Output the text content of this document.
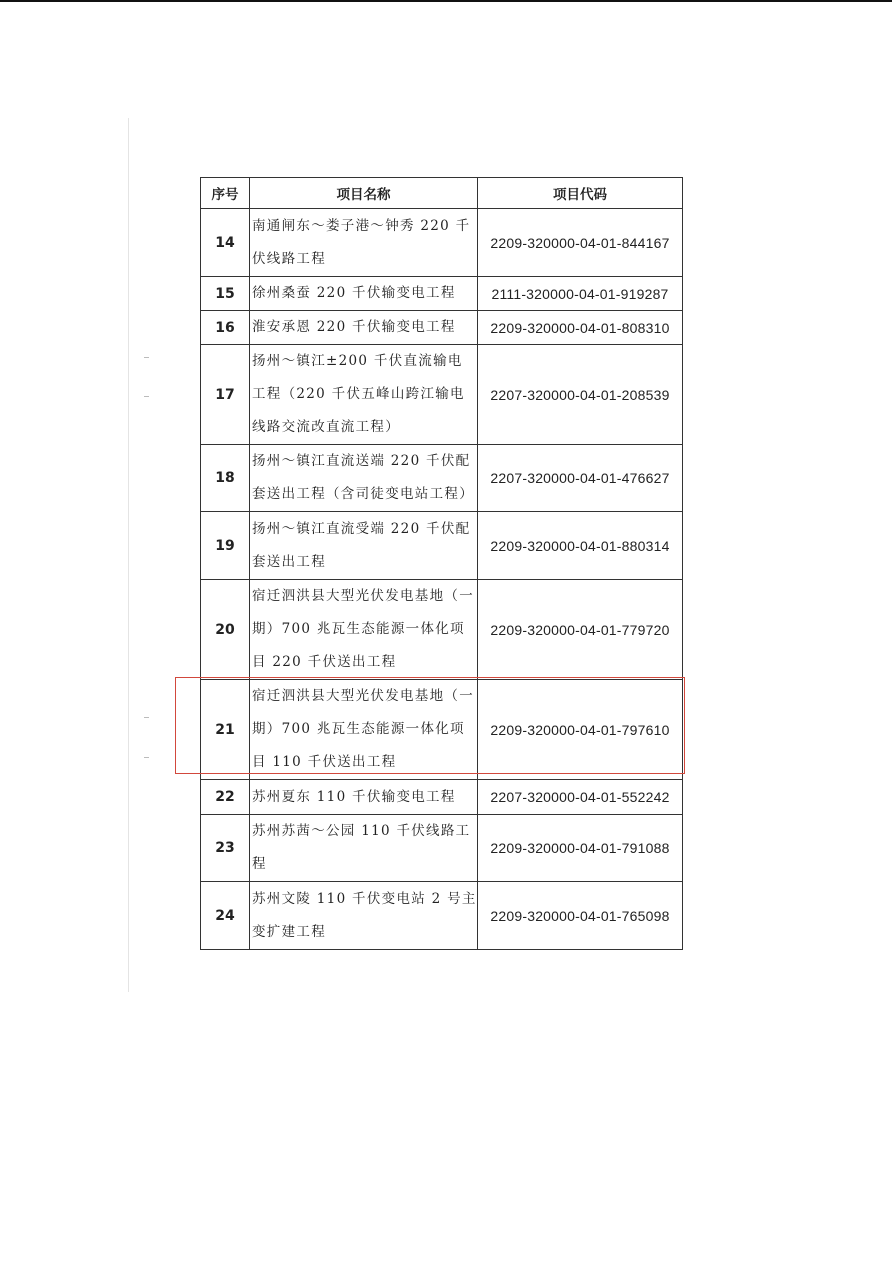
序号	项目名称	项目代码
14	南通闸东～娄子港～钟秀 220 千伏线路工程	2209-320000-04-01-844167
15	徐州桑蚕 220 千伏输变电工程	2111-320000-04-01-919287
16	淮安承恩 220 千伏输变电工程	2209-320000-04-01-808310
17	扬州～镇江±200 千伏直流输电工程（220 千伏五峰山跨江输电线路交流改直流工程）	2207-320000-04-01-208539
18	扬州～镇江直流送端 220 千伏配套送出工程（含司徒变电站工程）	2207-320000-04-01-476627
19	扬州～镇江直流受端 220 千伏配套送出工程	2209-320000-04-01-880314
20	宿迁泗洪县大型光伏发电基地（一期）700 兆瓦生态能源一体化项目 220 千伏送出工程	2209-320000-04-01-779720
21	宿迁泗洪县大型光伏发电基地（一期）700 兆瓦生态能源一体化项目 110 千伏送出工程	2209-320000-04-01-797610
22	苏州夏东 110 千伏输变电工程	2207-320000-04-01-552242
23	苏州苏茜～公园 110 千伏线路工程	2209-320000-04-01-791088
24	苏州文陵 110 千伏变电站 2 号主变扩建工程	2209-320000-04-01-765098
